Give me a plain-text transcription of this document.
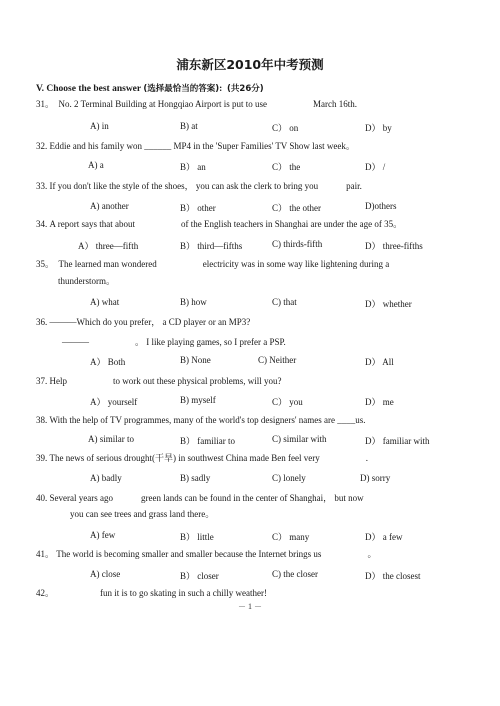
浦东新区2010年中考预测
V. Choose the best answer (选择最恰当的答案):  (共26分)
31。 No. 2 Terminal Building at Hongqiao Airport is put to use	March 16th.
A) in	B) at	C） on	D） by
32. Eddie and his family won ______ MP4 in the 'Super Families' TV Show last week。
A) a	B） an	C） the	D） /
33. If you don't like the style of the shoes， you can ask the clerk to bring you	pair.
A) another	B） other	C） the other	D)others
34. A report says that about	of the English teachers in Shanghai are under the age of 35。
A） three—fifth	B） third—fifths	C) thirds-fifth	D） three-fifths
35。 The learned man wondered	electricity was in some way like lightening during a
thunderstorm。
A) what	B) how	C) that	D） whether
36. ———Which do you prefer， a CD player or an MP3?
———	。 I like playing games, so I prefer a PSP.
A） Both	B) None	C) Neither	D） All
37. Help	to work out these physical problems, will you?
A） yourself	B) myself	C） you	D） me
38. With the help of TV programmes, many of the world's top designers' names are ____us.
A) similar to	B） familiar to	C) similar with	D） familiar with
39. The news of serious drought(干旱) in southwest China made Ben feel very	.
A) badly	B) sadly	C) lonely	D) sorry
40. Several years ago	green lands can be found in the center of Shanghai， but now
you can see trees and grass land there。
A) few	B） little	C） many	D） a few
41。 The world is becoming smaller and smaller because the Internet brings us	。
A) close	B） closer	C) the closer	D） the closest
42。	fun it is to go skating in such a chilly weather!
－ 1 －
